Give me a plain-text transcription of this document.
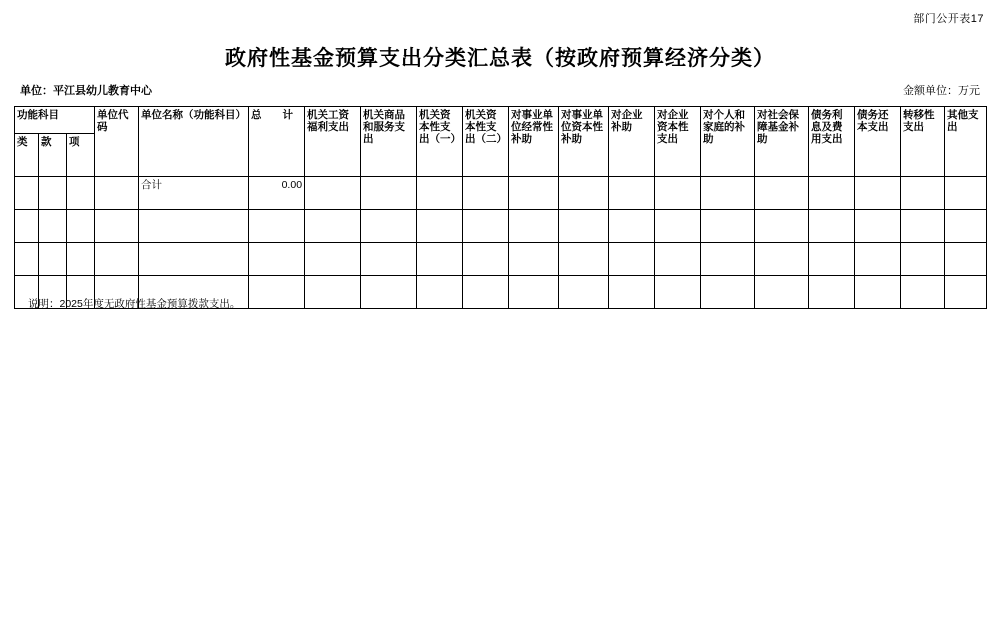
部门公开表17
政府性基金预算支出分类汇总表（按政府预算经济分类）
单位：平江县幼儿教育中心	金额单位：万元
功能科目			单位代码	单位名称（功能科目）	总　　计	机关工资福利支出	机关商品和服务支出	机关资本性支出（一）	机关资本性支出（二）	对事业单位经常性补助	对事业单位资本性补助	对企业补助	对企业资本性支出	对个人和家庭的补助	对社会保障基金补助	债务利息及费用支出	债务还本支出	转移性支出	其他支出
类	款	项																	
				合计	0.00														

说明：2025年度无政府性基金预算拨款支出。
